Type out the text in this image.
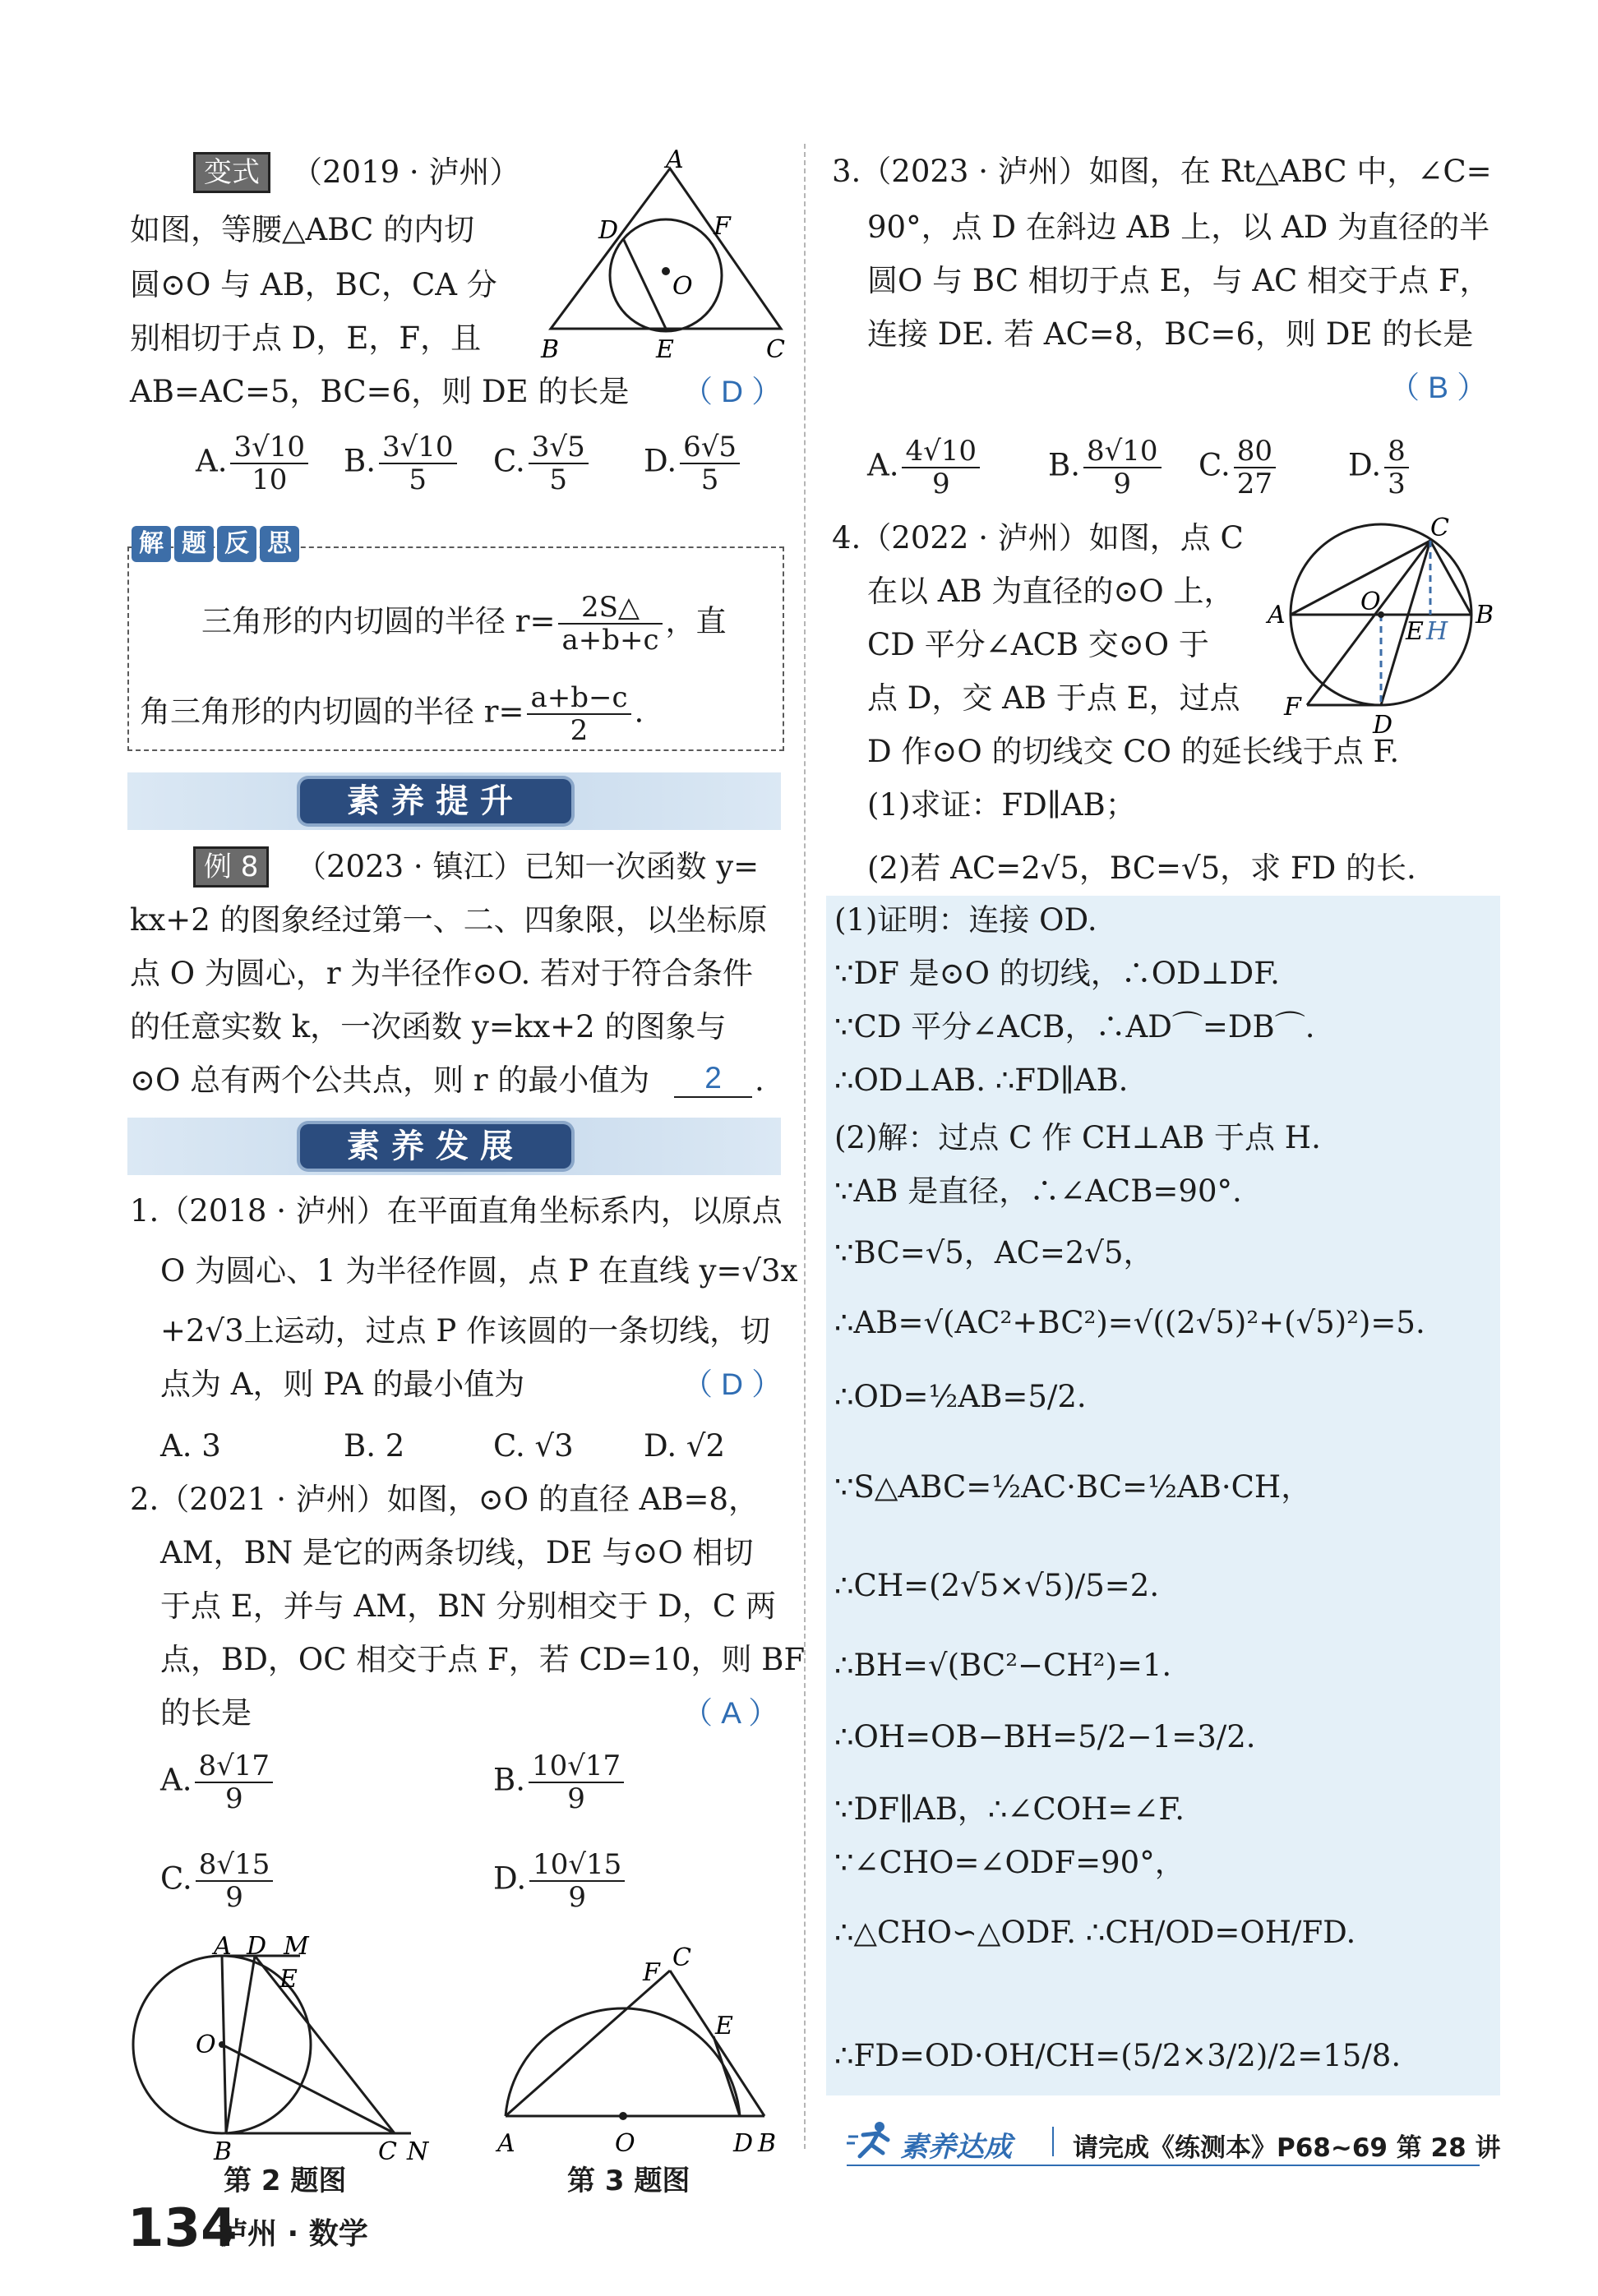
变式	（2019 · 泸州）
如图，等腰△ABC 的内切
圆⊙O 与 AB，BC，CA 分
别相切于点 D，E，F，且
AB=AC=5，BC=6，则 DE 的长是 （ D ）
A
B	C
D
E
F
O
A. $\frac{3√10}{10} B$. $\frac{3√10}{5} C$. $\frac{3√5}{5} D$. $\frac{6√5}{5}$
解 题 反 思
三角形的内切圆的半径 $r= \frac{2S\triangle}{a+b+c}$ ，直
角三角形的内切圆的半径 $r= \frac{a+b-c}{2}$ .
素养提升
例 8	（2023 · 镇江）已知一次函数 y=
kx+2 的图象经过第一、二、四象限，以坐标原
点 O 为圆心，r 为半径作⊙O. 若对于符合条件
的任意实数 k，一次函数 y=kx+2 的图象与
⊙O 总有两个公共点，则 r 的最小值为	2	.
素养发展
1.（2018 · 泸州）在平面直角坐标系内，以原点
O 为圆心、1 为半径作圆，点 P 在直线 y=√3x
+2√3上运动，过点 P 作该圆的一条切线，切
点为 A，则 PA 的最小值为	（ D ）
A. 3	B. 2	C. √3 D. √2
2.（2021 · 泸州）如图，⊙O 的直径 AB=8，
AM，BN 是它的两条切线，DE 与⊙O 相切
于点 E，并与 AM，BN 分别相交于 D，C 两
点，BD，OC 相交于点 F，若 CD=10，则 BF
的长是	（ A ）
A. $\frac{8√17}{9}$	B. $\frac{10√17}{9}$
C. $\frac{8√15}{9}$	D. $\frac{10√15}{9}$
A D M
E
O
B	C N
第 2 题图
A	O	D B
E
F
C
第 3 题图
3.（2023 · 泸州）如图，在 Rt△ABC 中，∠C=
90°，点 D 在斜边 AB 上，以 AD 为直径的半
圆O 与 BC 相切于点 E，与 AC 相交于点 F，
连接 DE. 若 AC=8，BC=6，则 DE 的长是
（ B ）
A. $\frac{4√10}{9} B$. $\frac{8√10}{9} C$. $\frac{80}{27} D$. $\frac{8}{3}$
4.（2022 · 泸州）如图，点 C
在以 AB 为直径的⊙O 上，
CD 平分∠ACB 交⊙O 于
点 D，交 AB 于点 E，过点
D 作⊙O 的切线交 CO 的延长线于点 F.
(1)求证：FD∥AB；
(2)若 AC=2√5，BC=√5，求 FD 的长.
A	B
C
D
E H
O
F
(1)证明：连接 OD.
∵DF 是⊙O 的切线，∴OD⊥DF.
∵CD 平分∠ACB，∴AD⌒=DB⌒.
∴OD⊥AB. ∴FD∥AB.
(2)解：过点 C 作 CH⊥AB 于点 H.
∵AB 是直径，∴∠ACB=90°.
∵BC=√5，AC=2√5，
∴AB=√(AC²+BC²)=√((2√5)²+(√5)²)=5.
∴OD=½AB=5/2.
∵S△ABC=½AC·BC=½AB·CH，
∴CH=(2√5×√5)/5=2.
∴BH=√(BC²−CH²)=1.
∴OH=OB−BH=5/2−1=3/2.
∵DF∥AB，∴∠COH=∠F.
∵∠CHO=∠ODF=90°，
∴△CHO∽△ODF. ∴CH/OD=OH/FD.
∴FD=OD·OH/CH=(5/2×3/2)/2=15/8.
素养达成 请完成《练测本》P68~69 第 28 讲
134
泸州 · 数学
